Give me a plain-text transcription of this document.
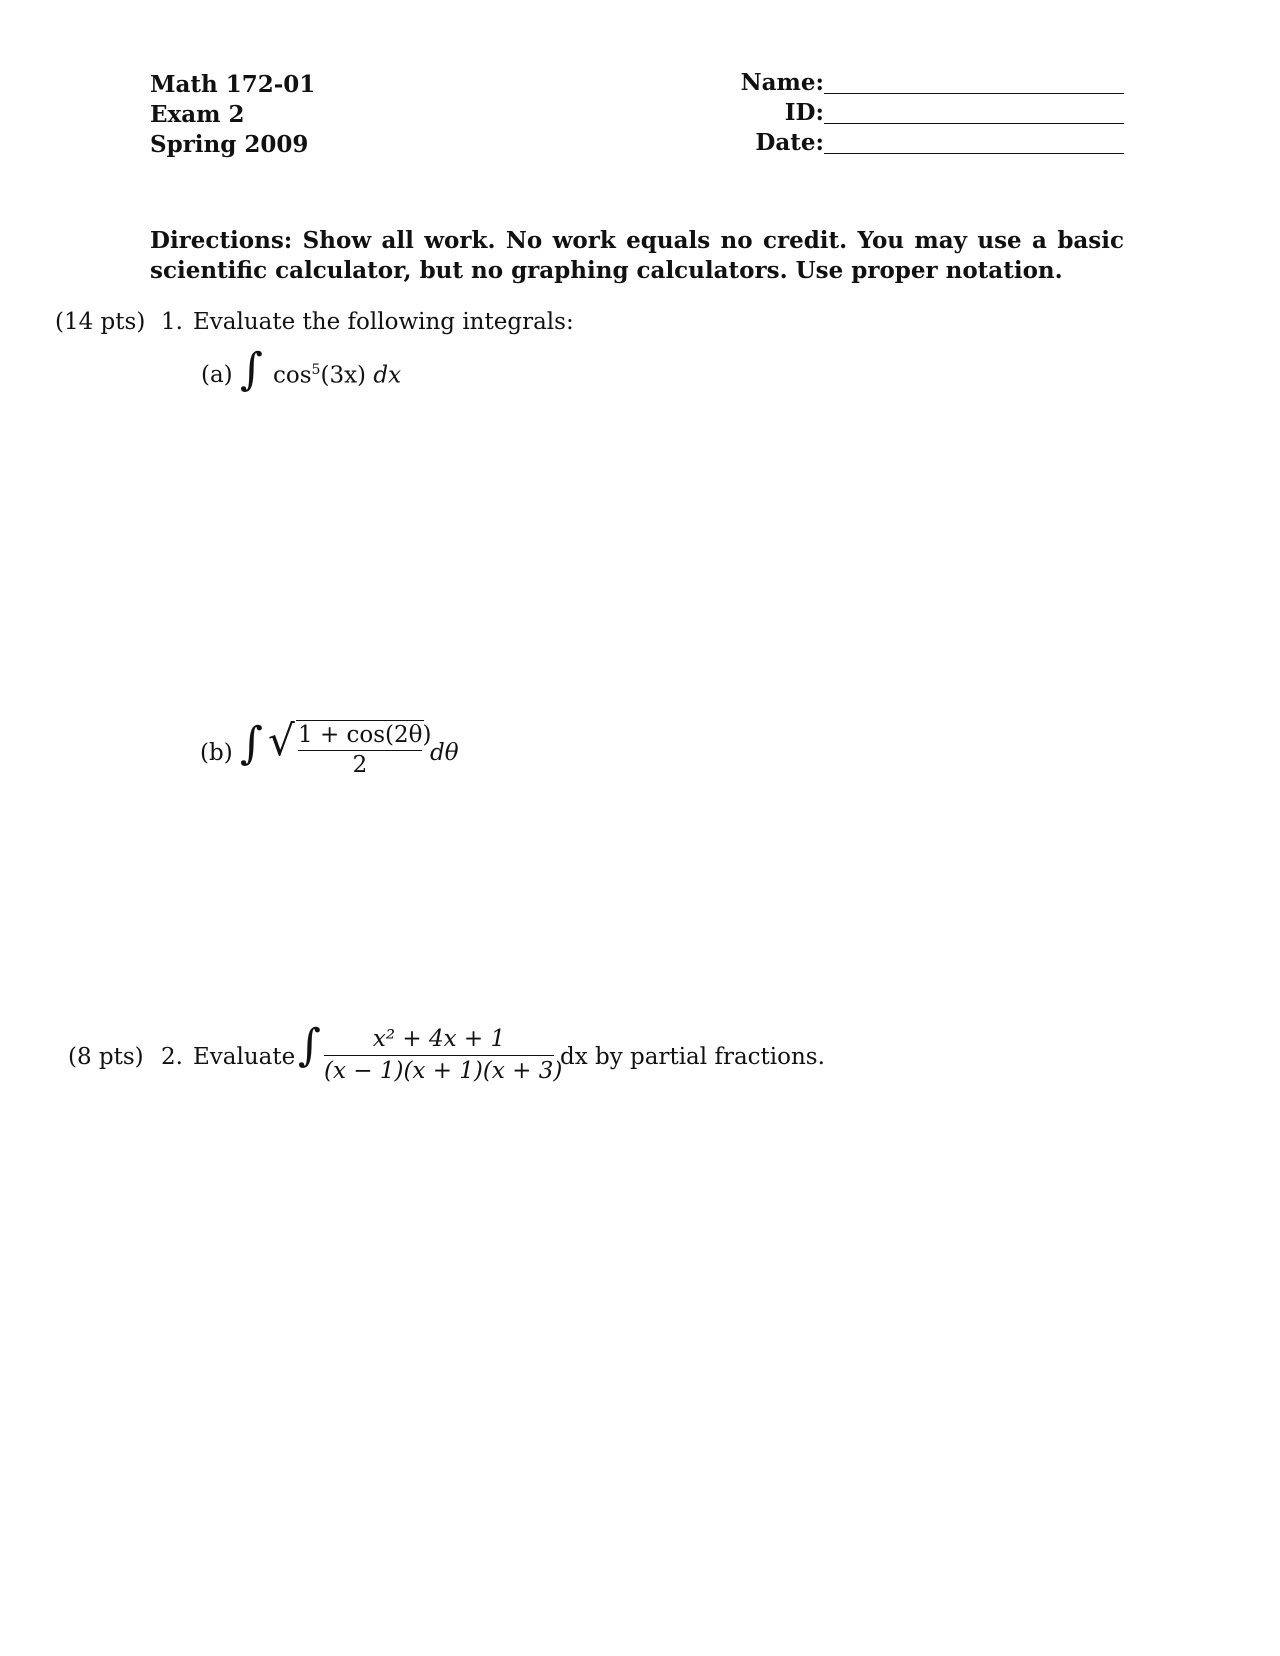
Math 172-01
Exam 2
Spring 2009
Name:
ID:
Date:
Directions: Show all work. No work equals no credit. You may use a basic scientific calculator, but no graphing calculators. Use proper notation.
(14 pts) 1. Evaluate the following integrals:
(a) ∫ $\cos^5(3x)$ dx
(b) ∫ √ 1 + cos(2θ)
2	dθ
(8 pts) 2. Evaluate ∫	x² + 4x + 1
(x − 1)(x + 1)(x + 3)
dx by partial fractions.
